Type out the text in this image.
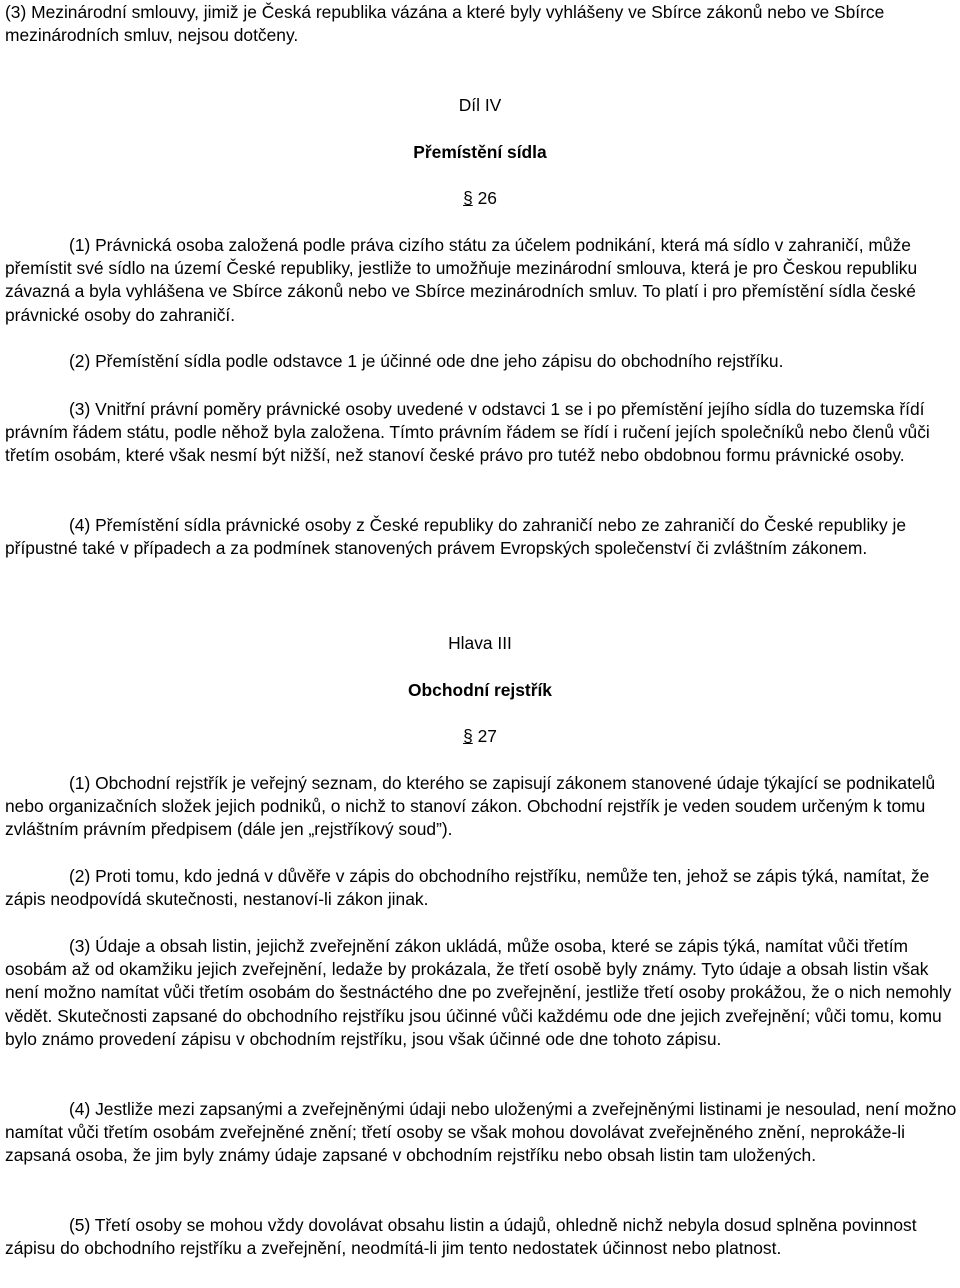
(3) Mezinárodní smlouvy, jimiž je Česká republika vázána a které byly vyhlášeny ve Sbírce zákonů nebo ve Sbírce mezinárodních smluv, nejsou dotčeny.

Díl IV

Přemístění sídla

§ 26

(1) Právnická osoba založená podle práva cizího státu za účelem podnikání, která má sídlo v zahraničí, může přemístit své sídlo na území České republiky, jestliže to umožňuje mezinárodní smlouva, která je pro Českou republiku závazná a byla vyhlášena ve Sbírce zákonů nebo ve Sbírce mezinárodních smluv. To platí i pro přemístění sídla české právnické osoby do zahraničí.

(2) Přemístění sídla podle odstavce 1 je účinné ode dne jeho zápisu do obchodního rejstříku.

(3) Vnitřní právní poměry právnické osoby uvedené v odstavci 1 se i po přemístění jejího sídla do tuzemska řídí právním řádem státu, podle něhož byla založena. Tímto právním řádem se řídí i ručení jejích společníků nebo členů vůči třetím osobám, které však nesmí být nižší, než stanoví české právo pro tutéž nebo obdobnou formu právnické osoby.

(4) Přemístění sídla právnické osoby z České republiky do zahraničí nebo ze zahraničí do České republiky je přípustné také v případech a za podmínek stanovených právem Evropských společenství či zvláštním zákonem.

Hlava III

Obchodní rejstřík

§ 27

(1) Obchodní rejstřík je veřejný seznam, do kterého se zapisují zákonem stanovené údaje týkající se podnikatelů nebo organizačních složek jejich podniků, o nichž to stanoví zákon. Obchodní rejstřík je veden soudem určeným k tomu zvláštním právním předpisem (dále jen „rejstříkový soud”).

(2) Proti tomu, kdo jedná v důvěře v zápis do obchodního rejstříku, nemůže ten, jehož se zápis týká, namítat, že zápis neodpovídá skutečnosti, nestanoví-li zákon jinak.

(3) Údaje a obsah listin, jejichž zveřejnění zákon ukládá, může osoba, které se zápis týká, namítat vůči třetím osobám až od okamžiku jejich zveřejnění, ledaže by prokázala, že třetí osobě byly známy. Tyto údaje a obsah listin však není možno namítat vůči třetím osobám do šestnáctého dne po zveřejnění, jestliže třetí osoby prokážou, že o nich nemohly vědět. Skutečnosti zapsané do obchodního rejstříku jsou účinné vůči každému ode dne jejich zveřejnění; vůči tomu, komu bylo známo provedení zápisu v obchodním rejstříku, jsou však účinné ode dne tohoto zápisu.

(4) Jestliže mezi zapsanými a zveřejněnými údaji nebo uloženými a zveřejněnými listinami je nesoulad, není možno namítat vůči třetím osobám zveřejněné znění; třetí osoby se však mohou dovolávat zveřejněného znění, neprokáže-li zapsaná osoba, že jim byly známy údaje zapsané v obchodním rejstříku nebo obsah listin tam uložených.

(5) Třetí osoby se mohou vždy dovolávat obsahu listin a údajů, ohledně nichž nebyla dosud splněna povinnost zápisu do obchodního rejstříku a zveřejnění, neodmítá-li jim tento nedostatek účinnost nebo platnost.
